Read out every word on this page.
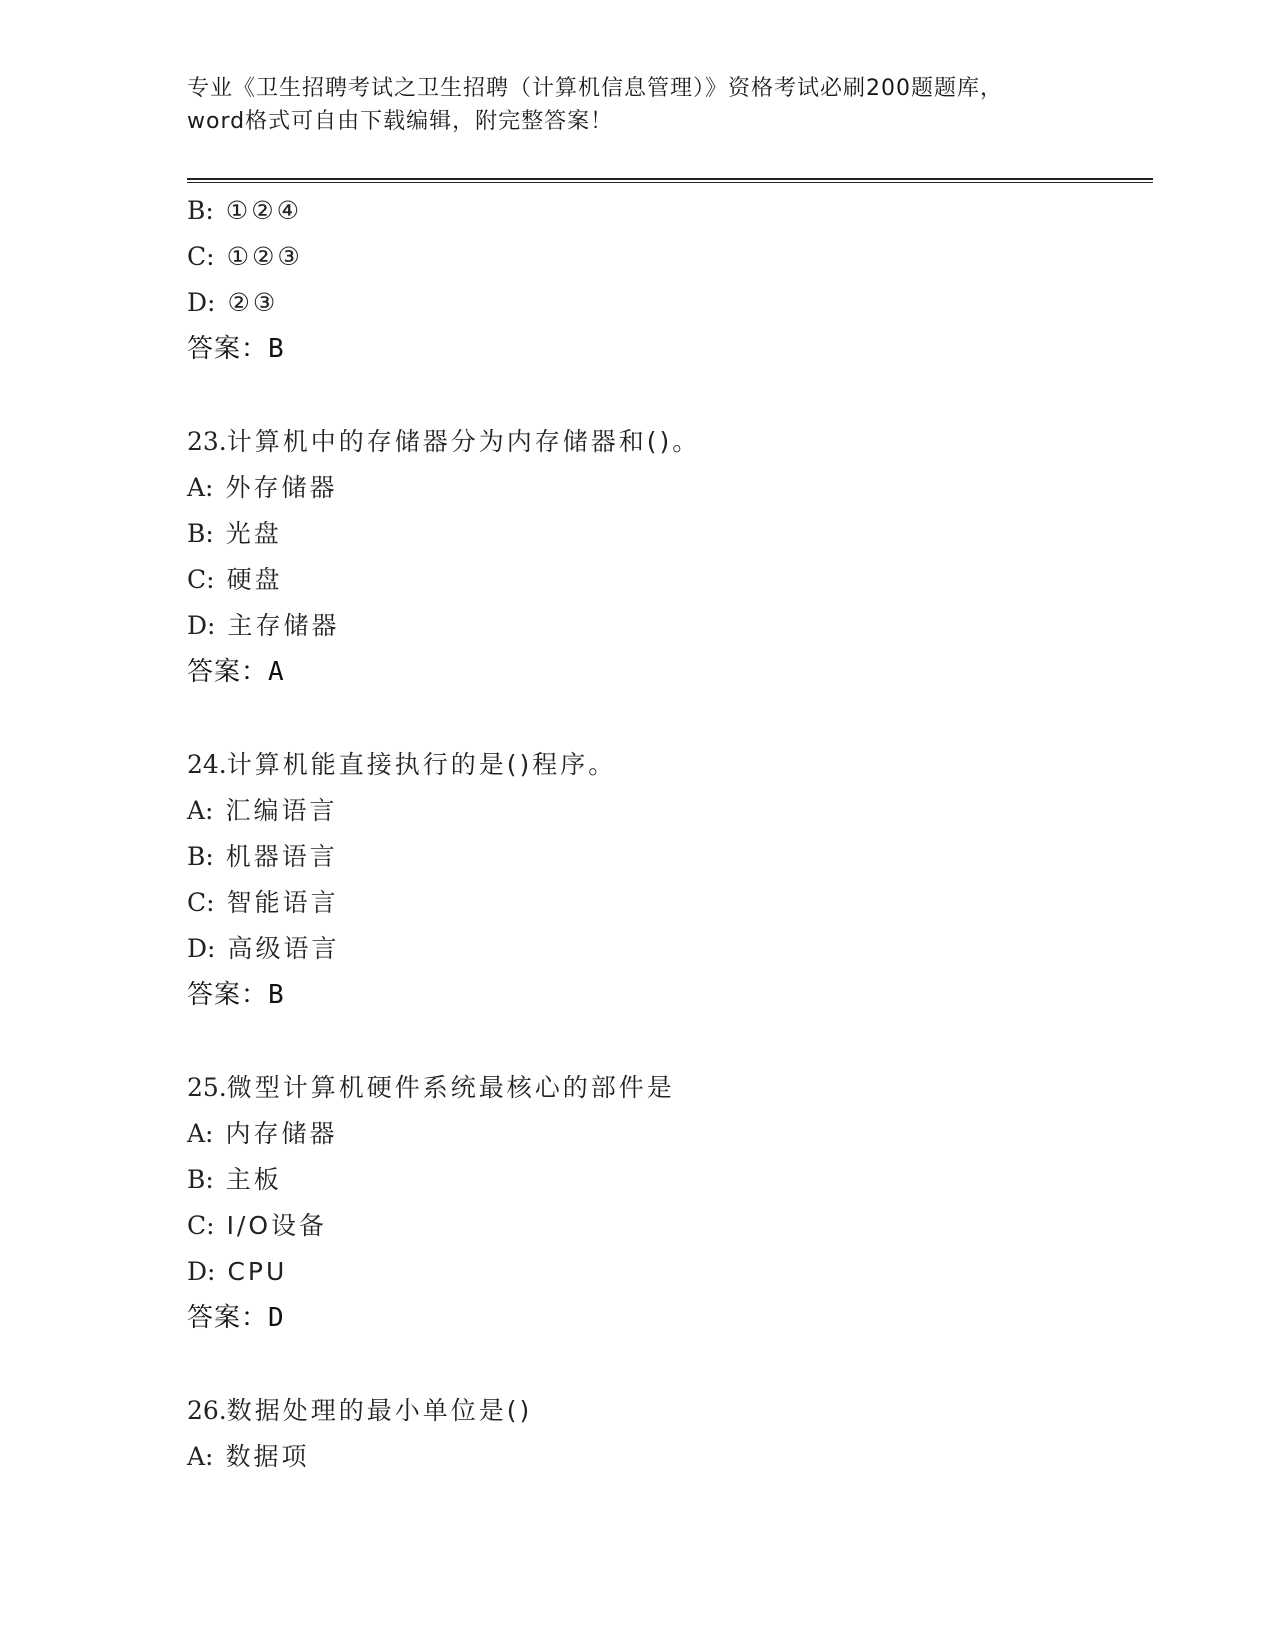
专业《卫生招聘考试之卫生招聘（计算机信息管理）》资格考试必刷200题题库，
word格式可自由下载编辑，附完整答案！
B: ①②④
C: ①②③
D: ②③
答案：B
23.计算机中的存储器分为内存储器和()。
A: 外存储器
B: 光盘
C: 硬盘
D: 主存储器
答案：A
24.计算机能直接执行的是()程序。
A: 汇编语言
B: 机器语言
C: 智能语言
D: 高级语言
答案：B
25.微型计算机硬件系统最核心的部件是
A: 内存储器
B: 主板
C: I/O设备
D: CPU
答案：D
26.数据处理的最小单位是()
A: 数据项
